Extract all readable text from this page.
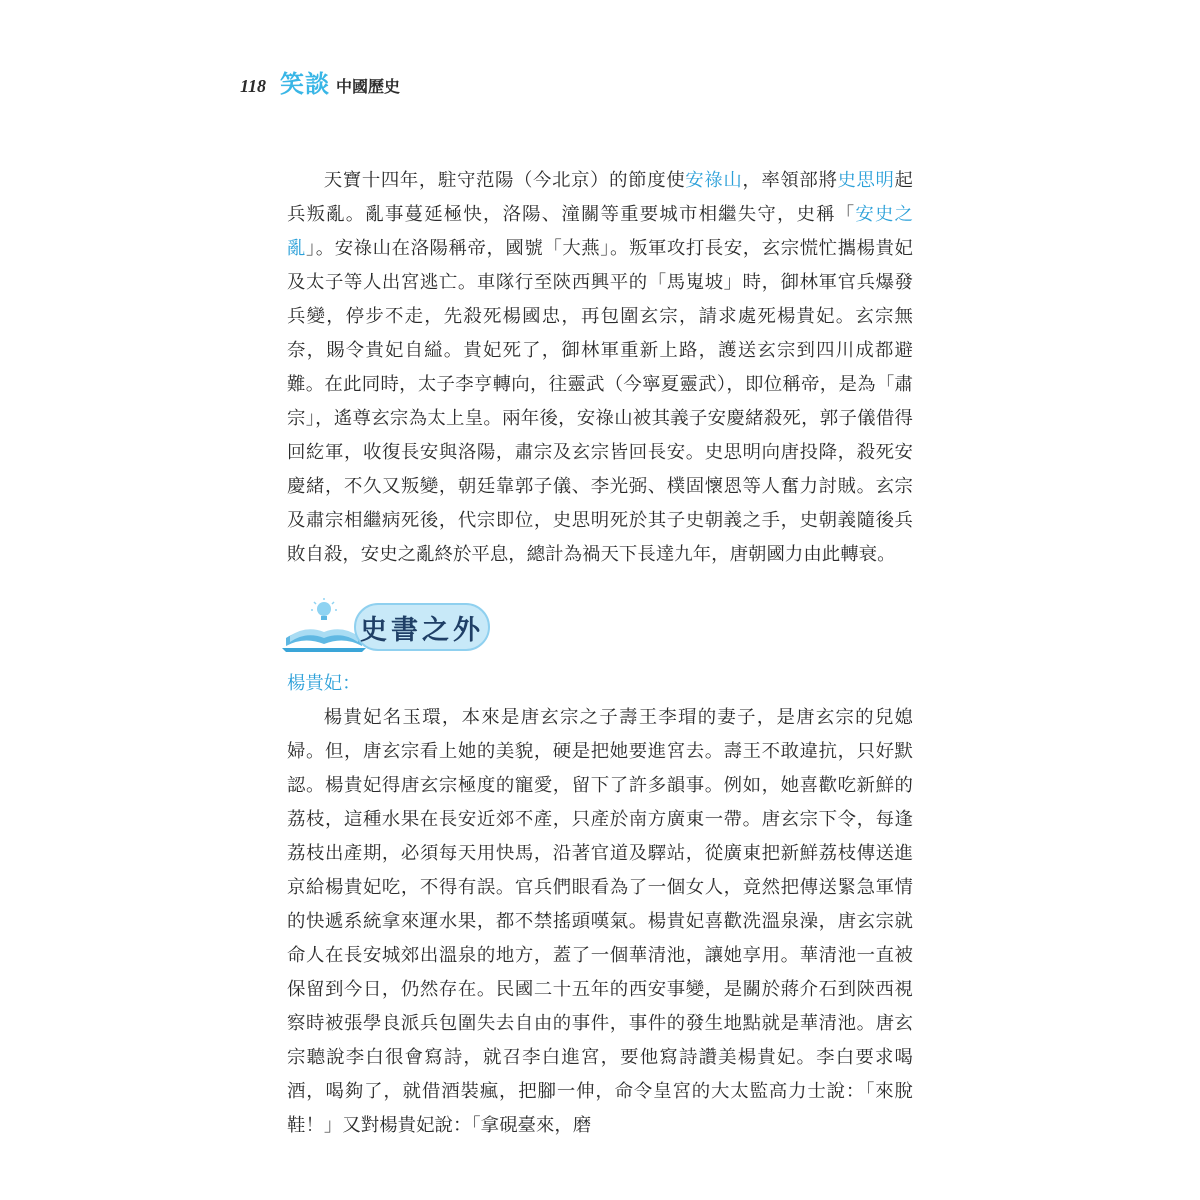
118 笑談 中國歷史

天寶十四年，駐守范陽（今北京）的節度使安祿山，率領部將史思明起兵叛亂。亂事蔓延極快，洛陽、潼關等重要城市相繼失守，史稱「安史之亂」。安祿山在洛陽稱帝，國號「大燕」。叛軍攻打長安，玄宗慌忙攜楊貴妃及太子等人出宮逃亡。車隊行至陝西興平的「馬嵬坡」時，御林軍官兵爆發兵變，停步不走，先殺死楊國忠，再包圍玄宗，請求處死楊貴妃。玄宗無奈，賜令貴妃自縊。貴妃死了，御林軍重新上路，護送玄宗到四川成都避難。在此同時，太子李亨轉向，往靈武（今寧夏靈武），即位稱帝，是為「肅宗」，遙尊玄宗為太上皇。兩年後，安祿山被其義子安慶緒殺死，郭子儀借得回紇軍，收復長安與洛陽，肅宗及玄宗皆回長安。史思明向唐投降，殺死安慶緒，不久又叛變，朝廷靠郭子儀、李光弼、樸固懷恩等人奮力討賊。玄宗及肅宗相繼病死後，代宗即位，史思明死於其子史朝義之手，史朝義隨後兵敗自殺，安史之亂終於平息，總計為禍天下長達九年，唐朝國力由此轉衰。

史書之外

楊貴妃：

楊貴妃名玉環，本來是唐玄宗之子壽王李瑁的妻子，是唐玄宗的兒媳婦。但，唐玄宗看上她的美貌，硬是把她要進宮去。壽王不敢違抗，只好默認。楊貴妃得唐玄宗極度的寵愛，留下了許多韻事。例如，她喜歡吃新鮮的荔枝，這種水果在長安近郊不產，只產於南方廣東一帶。唐玄宗下令，每逢荔枝出產期，必須每天用快馬，沿著官道及驛站，從廣東把新鮮荔枝傳送進京給楊貴妃吃，不得有誤。官兵們眼看為了一個女人，竟然把傳送緊急軍情的快遞系統拿來運水果，都不禁搖頭嘆氣。楊貴妃喜歡洗溫泉澡，唐玄宗就命人在長安城郊出溫泉的地方，蓋了一個華清池，讓她享用。華清池一直被保留到今日，仍然存在。民國二十五年的西安事變，是關於蔣介石到陝西視察時被張學良派兵包圍失去自由的事件，事件的發生地點就是華清池。唐玄宗聽說李白很會寫詩，就召李白進宮，要他寫詩讚美楊貴妃。李白要求喝酒，喝夠了，就借酒裝瘋，把腳一伸，命令皇宮的大太監高力士說：「來脫鞋！」又對楊貴妃說：「拿硯臺來，磨
